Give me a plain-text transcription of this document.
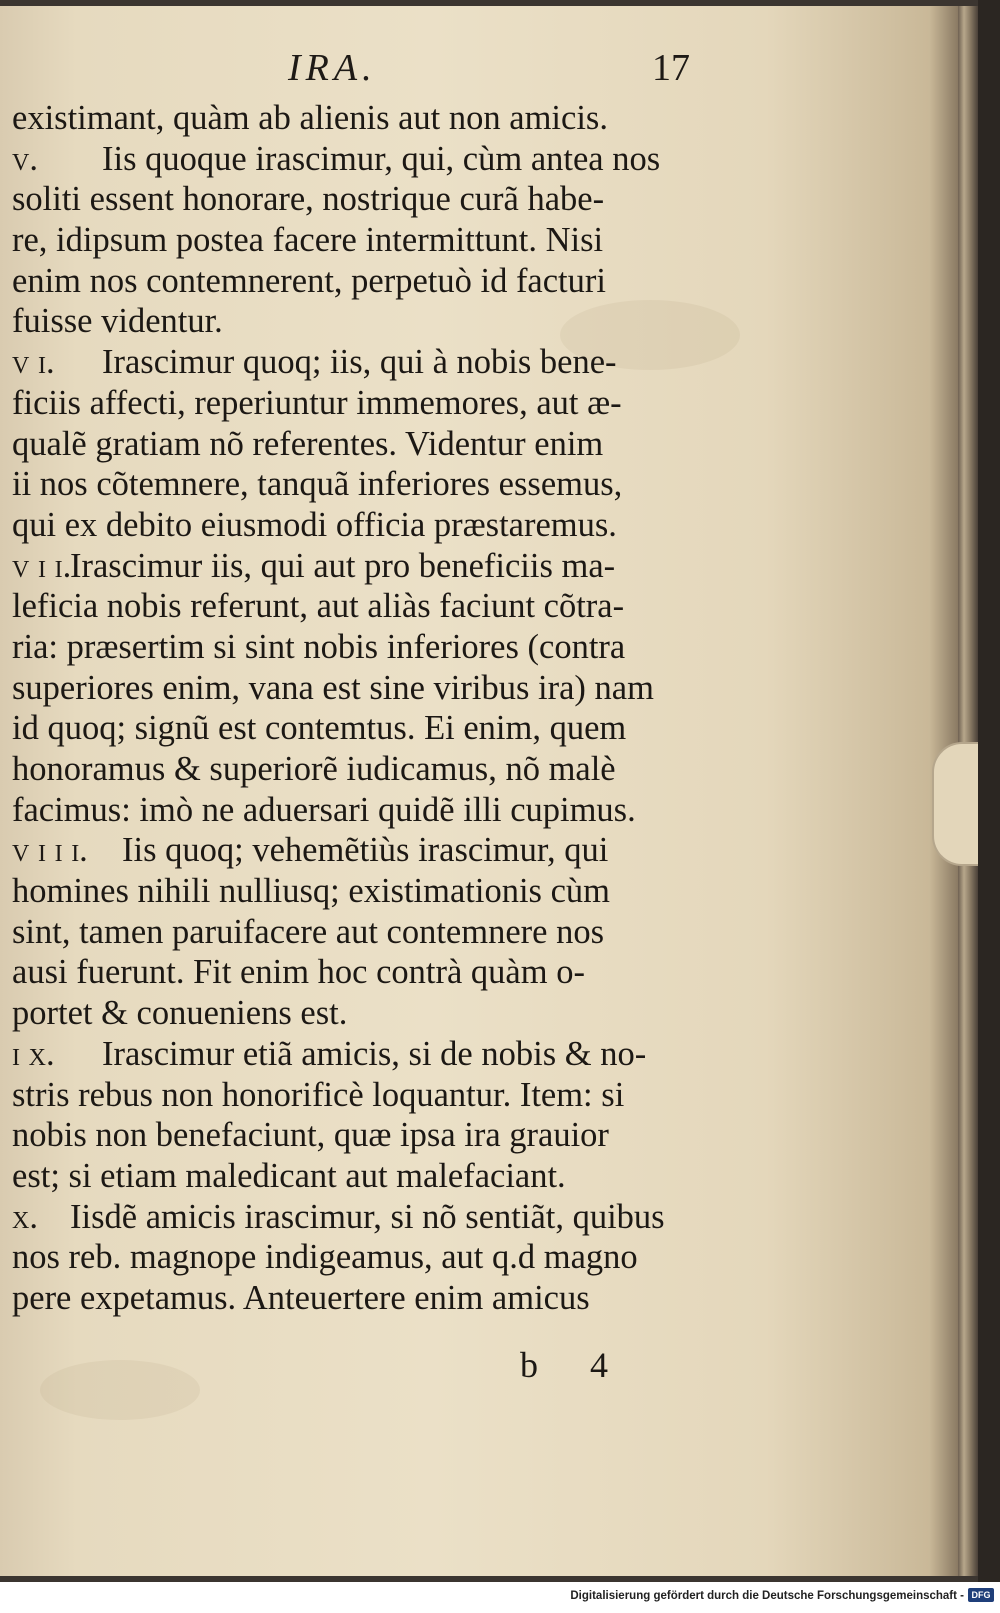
IRA.	17
existimant, quàm ab alienis aut non amicis.
v. Iis quoque irascimur, qui, cùm antea nos
soliti essent honorare, nostrique curã habe-
re, idipsum postea facere intermittunt. Nisi
enim nos contemnerent, perpetuò id facturi
fuisse videntur.
v i. Irascimur quoq; iis, qui à nobis bene-
ficiis affecti, reperiuntur immemores, aut æ-
qualẽ gratiam nõ referentes. Videntur enim
ii nos cõtemnere, tanquã inferiores essemus,
qui ex debito eiusmodi officia præstaremus.
v i i.Irascimur iis, qui aut pro beneficiis ma-
leficia nobis referunt, aut aliàs faciunt cõtra-
ria: præsertim si sint nobis inferiores (contra
superiores enim, vana est sine viribus ira) nam
id quoq; signũ est contemtus. Ei enim, quem
honoramus & superiorẽ iudicamus, nõ malè
facimus: imò ne aduersari quidẽ illi cupimus.
v i i i. Iis quoq; vehemẽtiùs irascimur, qui
homines nihili nulliusq; existimationis cùm
sint, tamen paruifacere aut contemnere nos
ausi fuerunt. Fit enim hoc contrà quàm o-
portet & conueniens est.
i x. Irascimur etiã amicis, si de nobis & no-
stris rebus non honorificè loquantur. Item: si
nobis non benefaciunt, quæ ipsa ira grauior
est; si etiam maledicant aut malefaciant.
x. Iisdẽ amicis irascimur, si nõ sentiãt, quibus
nos reb. magnope indigeamus, aut q.d magno
pere expetamus. Anteuertere enim amicus
b 4
Digitalisierung gefördert durch die Deutsche Forschungsgemeinschaft - DFG
